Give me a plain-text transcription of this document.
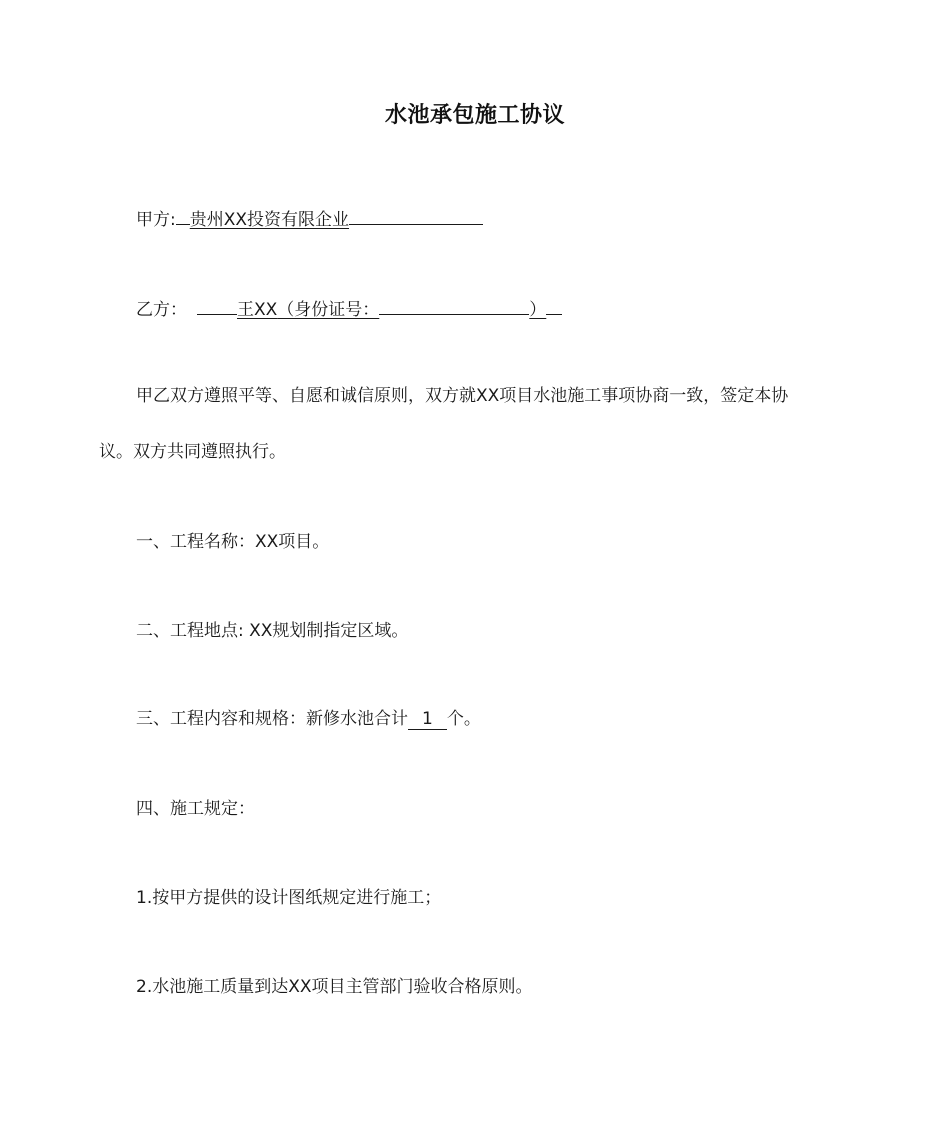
水池承包施工协议
甲方: 贵州XX投资有限企业
乙方：	王XX（身份证号：	）
甲乙双方遵照平等、自愿和诚信原则，双方就XX项目水池施工事项协商一致，签定本协
议。双方共同遵照执行。
一、工程名称：XX项目。
二、工程地点: XX规划制指定区域。
三、工程内容和规格：新修水池合计 1 个。
四、施工规定：
1.按甲方提供的设计图纸规定进行施工；
2.水池施工质量到达XX项目主管部门验收合格原则。
